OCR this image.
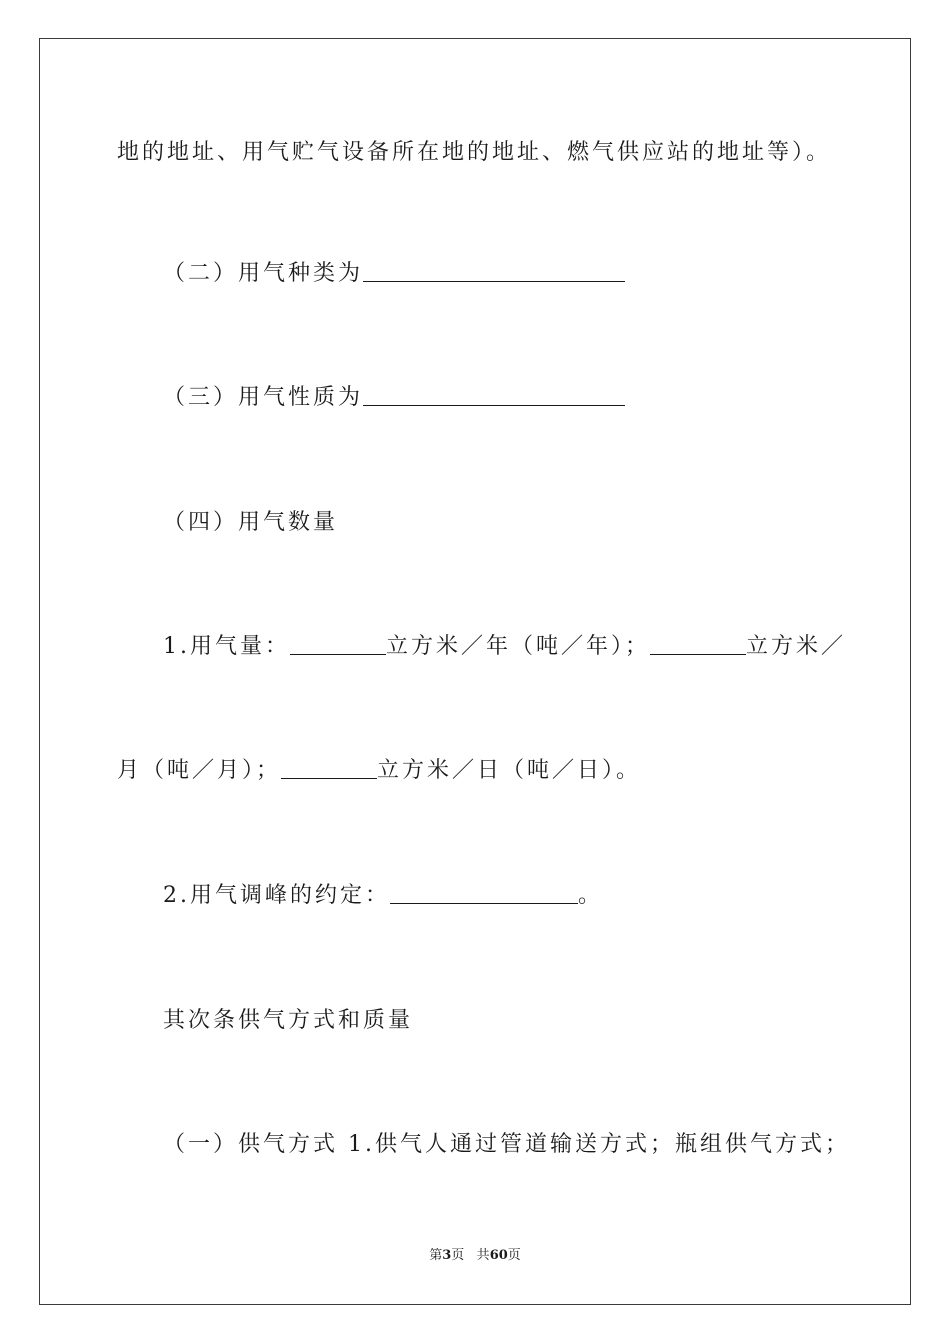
地的地址、用气贮气设备所在地的地址、燃气供应站的地址等）。
（二）用气种类为
（三）用气性质为
（四）用气数量
1.用气量：	立方米／年（吨／年）；	立方米／
月（吨／月）；	立方米／日（吨／日）。
2.用气调峰的约定：	。
其次条供气方式和质量
（一）供气方式 1.供气人通过管道输送方式；瓶组供气方式；
第3页 共60页
